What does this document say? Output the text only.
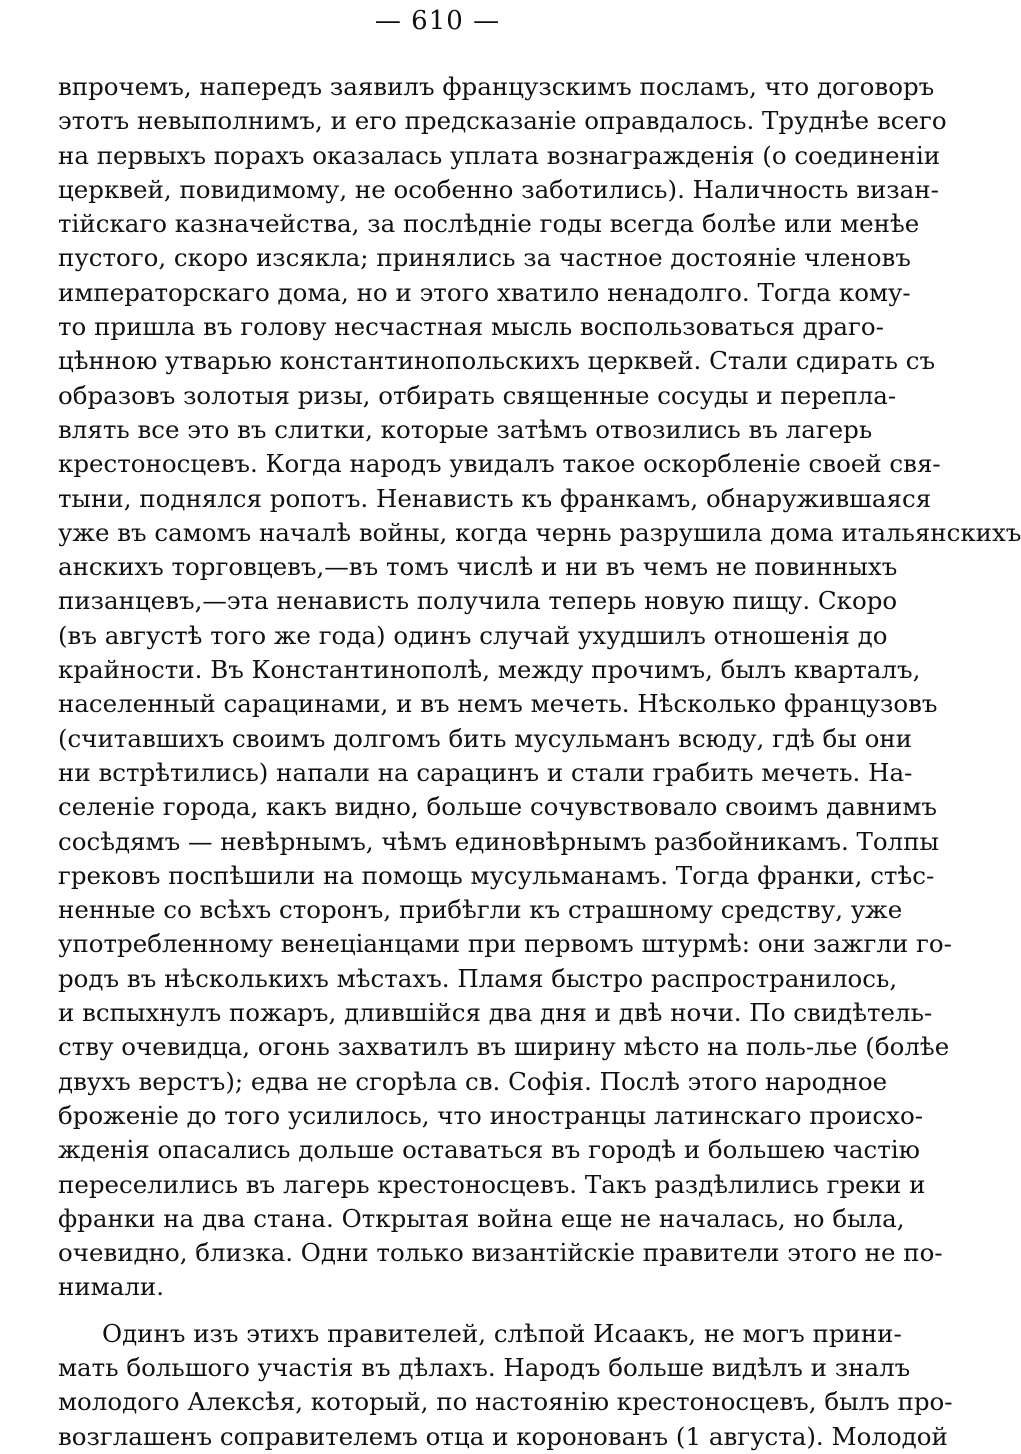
— 610 —
впрочемъ, напередъ заявилъ французскимъ посламъ, что договоръ
этотъ невыполнимъ, и его предсказаніе оправдалось. Труднѣе всего
на первыхъ порахъ оказалась уплата вознагражденія (о соединеніи
церквей, повидимому, не особенно заботились). Наличность визан-
тійскаго казначейства, за послѣдніе годы всегда болѣе или менѣе
пустого, скоро изсякла; принялись за частное достояніе членовъ
императорскаго дома, но и этого хватило ненадолго. Тогда кому-
то пришла въ голову несчастная мысль воспользоваться драго-
цѣнною утварью константинопольскихъ церквей. Стали сдирать съ
образовъ золотыя ризы, отбирать священные сосуды и перепла-
влять все это въ слитки, которые затѣмъ отвозились въ лагерь
крестоносцевъ. Когда народъ увидалъ такое оскорбленіе своей свя-
тыни, поднялся ропотъ. Ненависть къ франкамъ, обнаружившаяся
уже въ самомъ началѣ войны, когда чернь разрушила дома итальянскихъ
анскихъ торговцевъ,—въ томъ числѣ и ни въ чемъ не повинныхъ
пизанцевъ,—эта ненависть получила теперь новую пищу. Скоро
(въ августѣ того же года) одинъ случай ухудшилъ отношенія до
крайности. Въ Константинополѣ, между прочимъ, былъ кварталъ,
населенный сарацинами, и въ немъ мечеть. Нѣсколько французовъ
(считавшихъ своимъ долгомъ бить мусульманъ всюду, гдѣ бы они
ни встрѣтились) напали на сарацинъ и стали грабить мечеть. На-
селеніе города, какъ видно, больше сочувствовало своимъ давнимъ
сосѣдямъ — невѣрнымъ, чѣмъ единовѣрнымъ разбойникамъ. Толпы
грековъ поспѣшили на помощь мусульманамъ. Тогда франки, стѣс-
ненные со всѣхъ сторонъ, прибѣгли къ страшному средству, уже
употребленному венеціанцами при первомъ штурмѣ: они зажгли го-
родъ въ нѣсколькихъ мѣстахъ. Пламя быстро распространилось,
и вспыхнулъ пожаръ, длившійся два дня и двѣ ночи. По свидѣтель-
ству очевидца, огонь захватилъ въ ширину мѣсто на поль-лье (болѣе
двухъ верстъ); едва не сгорѣла св. Софія. Послѣ этого народное
броженіе до того усилилось, что иностранцы латинскаго происхо-
жденія опасались дольше оставаться въ городѣ и большею частію
переселились въ лагерь крестоносцевъ. Такъ раздѣлились греки и
франки на два стана. Открытая война еще не началась, но была,
очевидно, близка. Одни только византійскіе правители этого не по-
нимали.
Одинъ изъ этихъ правителей, слѣпой Исаакъ, не могъ прини-
мать большого участія въ дѣлахъ. Народъ больше видѣлъ и зналъ
молодого Алексѣя, который, по настоянію крестоносцевъ, былъ про-
возглашенъ соправителемъ отца и коронованъ (1 августа). Молодой
